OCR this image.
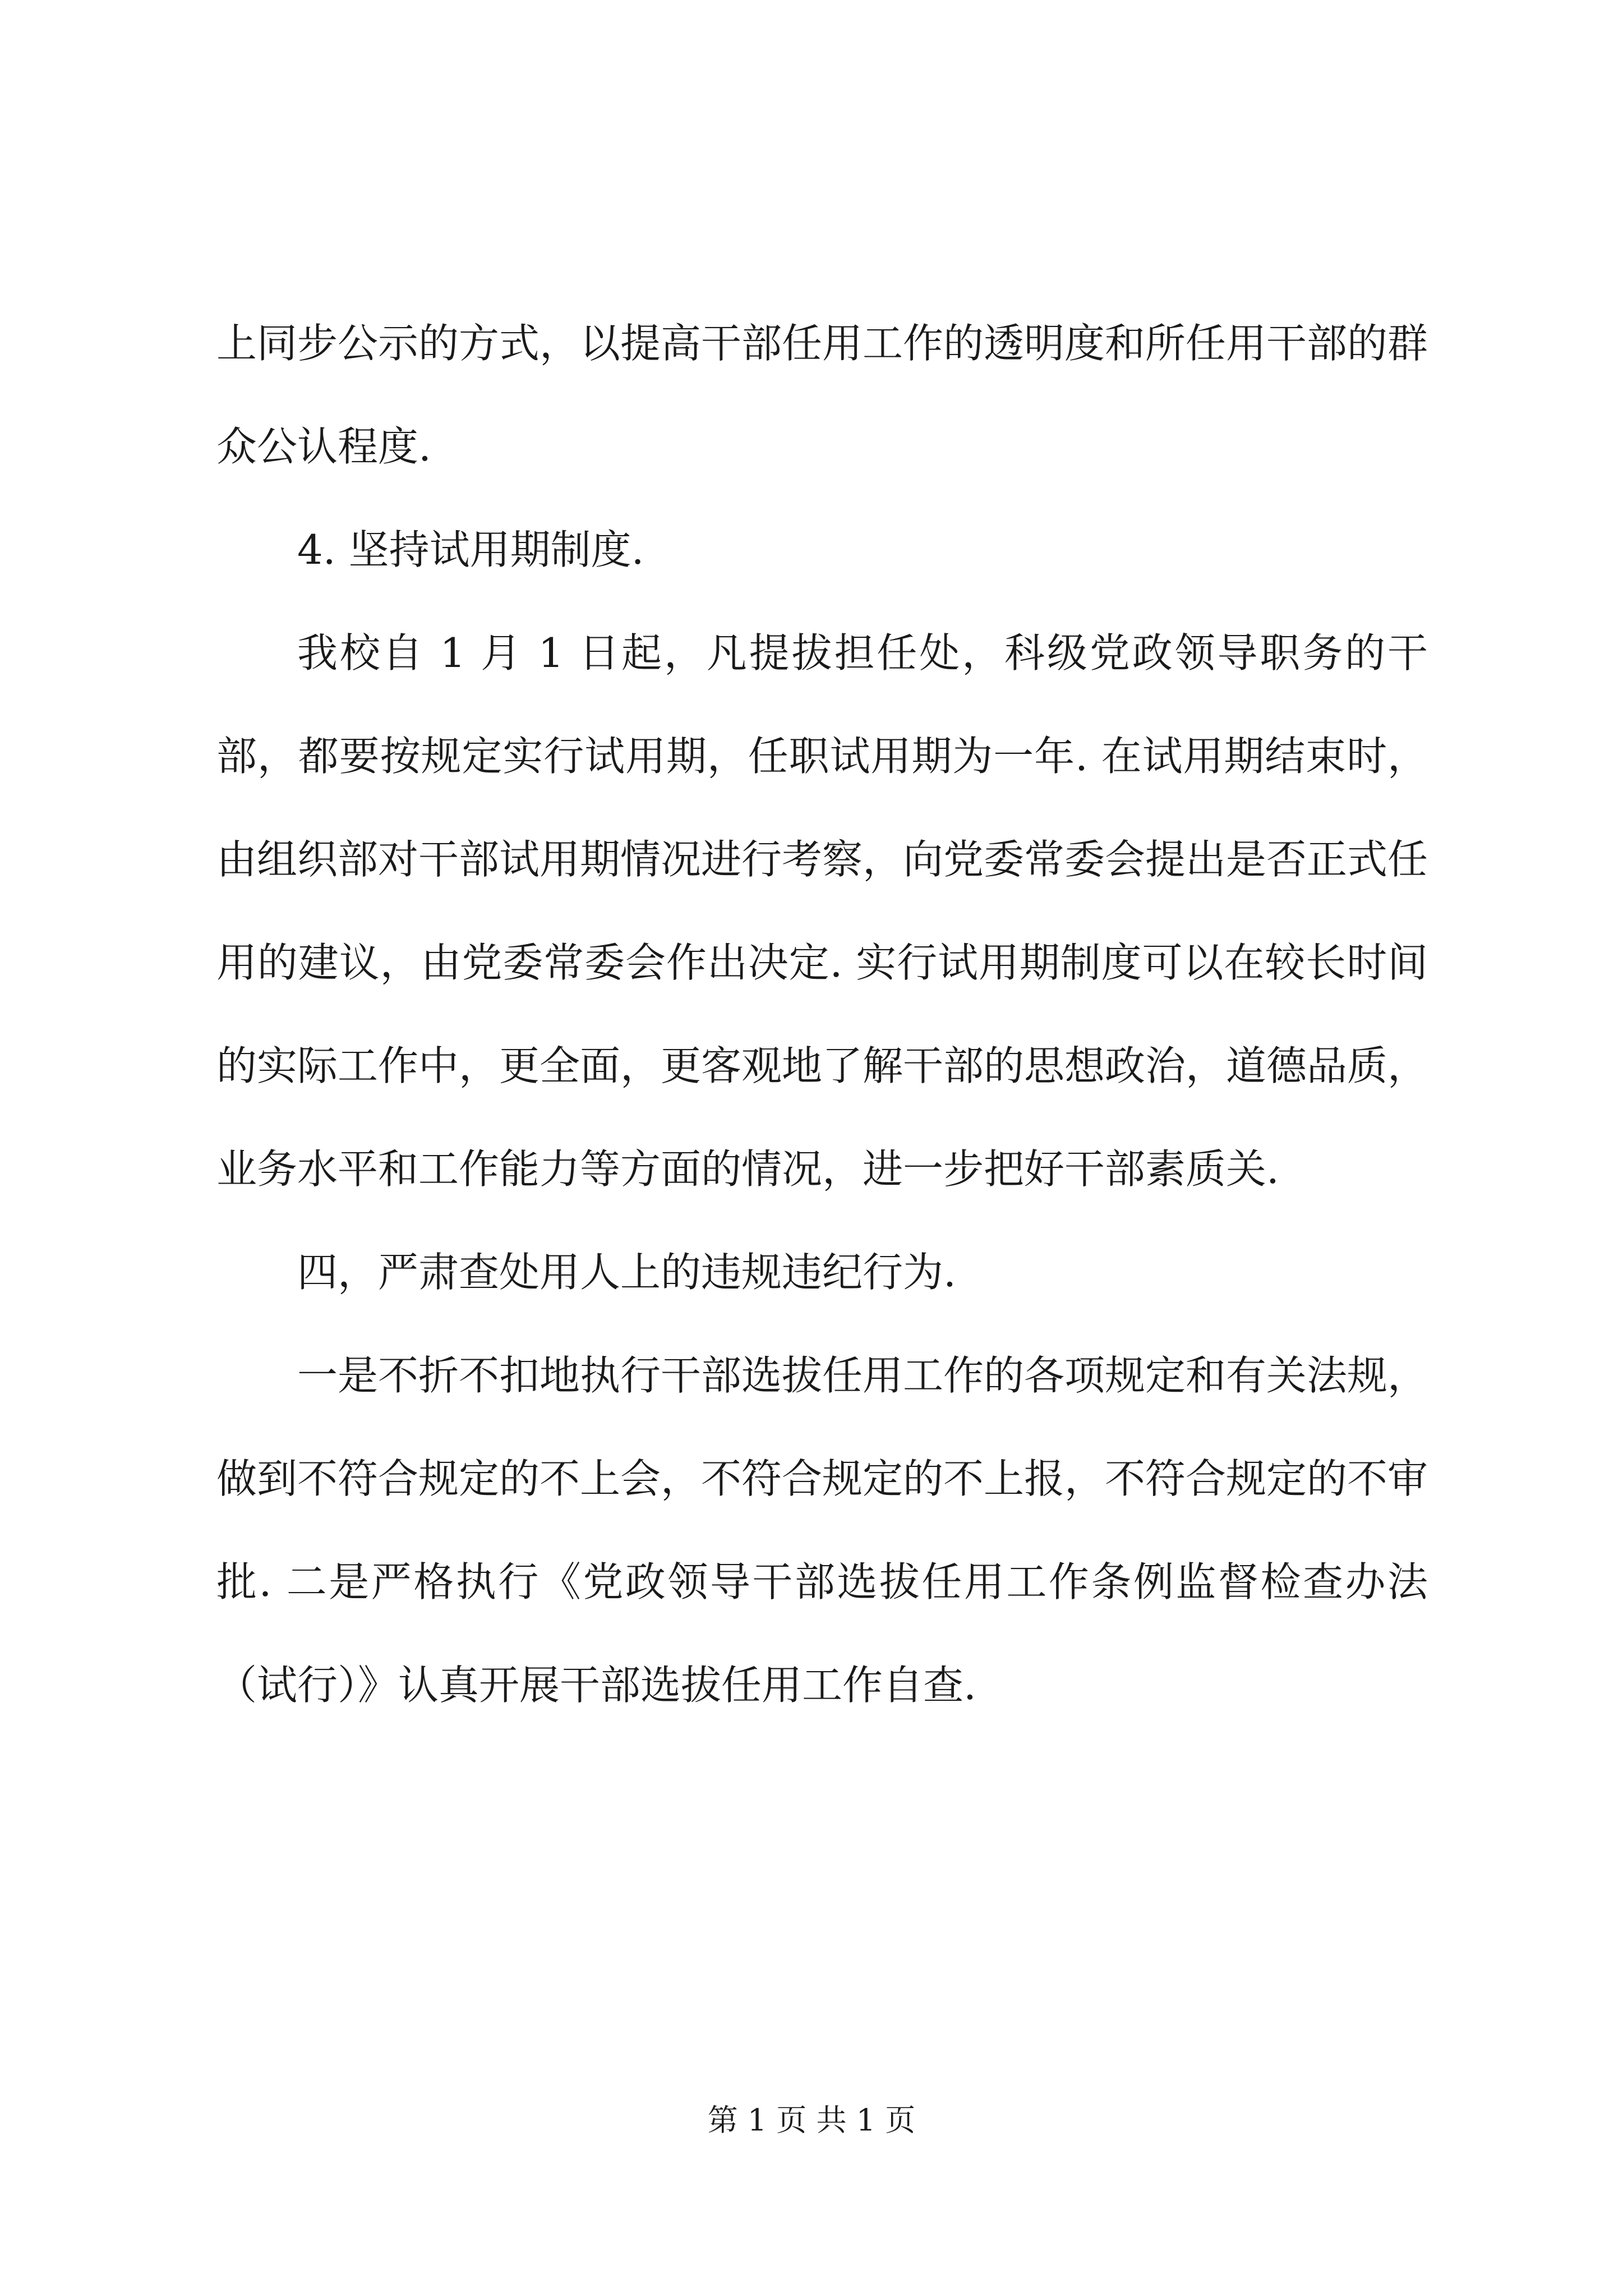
上同步公示的方式，以提高干部任用工作的透明度和所任用干部的群众公认程度.

4. 坚持试用期制度.

我校自 1 月 1 日起，凡提拔担任处，科级党政领导职务的干部，都要按规定实行试用期，任职试用期为一年. 在试用期结束时，由组织部对干部试用期情况进行考察，向党委常委会提出是否正式任用的建议，由党委常委会作出决定. 实行试用期制度可以在较长时间的实际工作中，更全面，更客观地了解干部的思想政治，道德品质，业务水平和工作能力等方面的情况，进一步把好干部素质关.

四，严肃查处用人上的违规违纪行为.

一是不折不扣地执行干部选拔任用工作的各项规定和有关法规，做到不符合规定的不上会，不符合规定的不上报，不符合规定的不审批. 二是严格执行《党政领导干部选拔任用工作条例监督检查办法（试行）》认真开展干部选拔任用工作自查.

第 1 页 共 1 页
